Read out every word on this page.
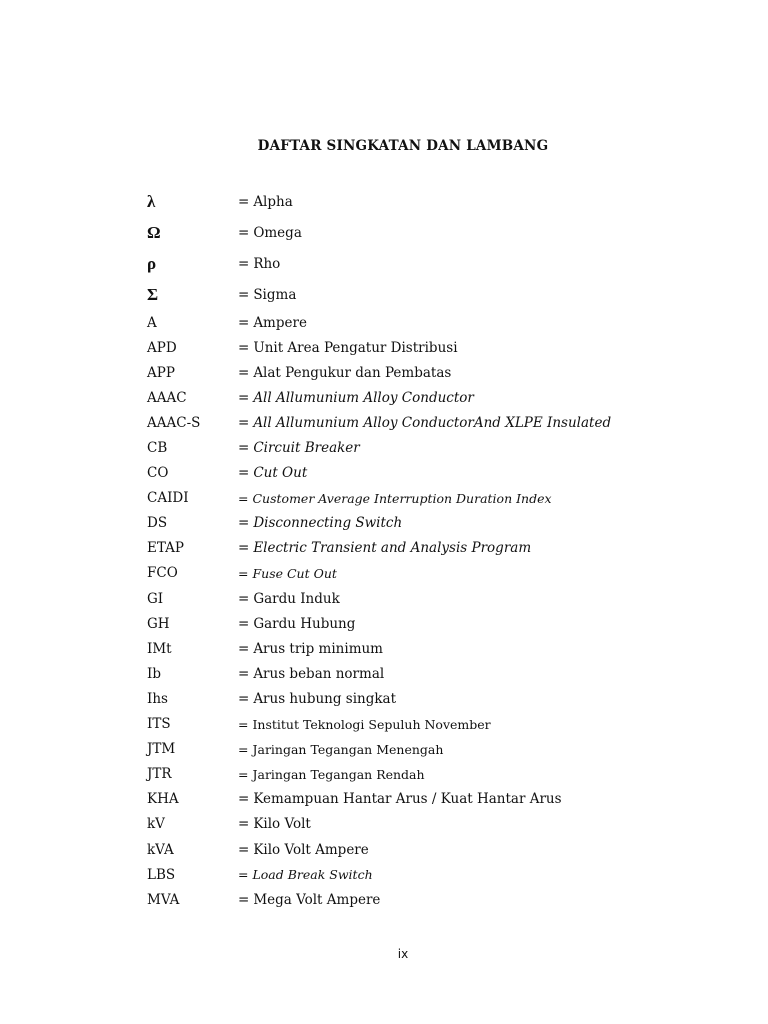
DAFTAR SINGKATAN DAN LAMBANG
λ	= Alpha
Ω	= Omega
ρ	= Rho
Σ	= Sigma
A	= Ampere
APD	= Unit Area Pengatur Distribusi
APP	= Alat Pengukur dan Pembatas
AAAC	= All Allumunium Alloy Conductor
AAAC-S	= All Allumunium Alloy ConductorAnd XLPE Insulated
CB	= Circuit Breaker
CO	= Cut Out
CAIDI	= Customer Average Interruption Duration Index
DS	= Disconnecting Switch
ETAP	= Electric Transient and Analysis Program
FCO	= Fuse Cut Out
GI	= Gardu Induk
GH	= Gardu Hubung
IMt	= Arus trip minimum
Ib	= Arus beban normal
Ihs	= Arus hubung singkat
ITS	= Institut Teknologi Sepuluh November
JTM	= Jaringan Tegangan Menengah
JTR	= Jaringan Tegangan Rendah
KHA	= Kemampuan Hantar Arus / Kuat Hantar Arus
kV	= Kilo Volt
kVA	= Kilo Volt Ampere
LBS	= Load Break Switch
MVA	= Mega Volt Ampere
ix
